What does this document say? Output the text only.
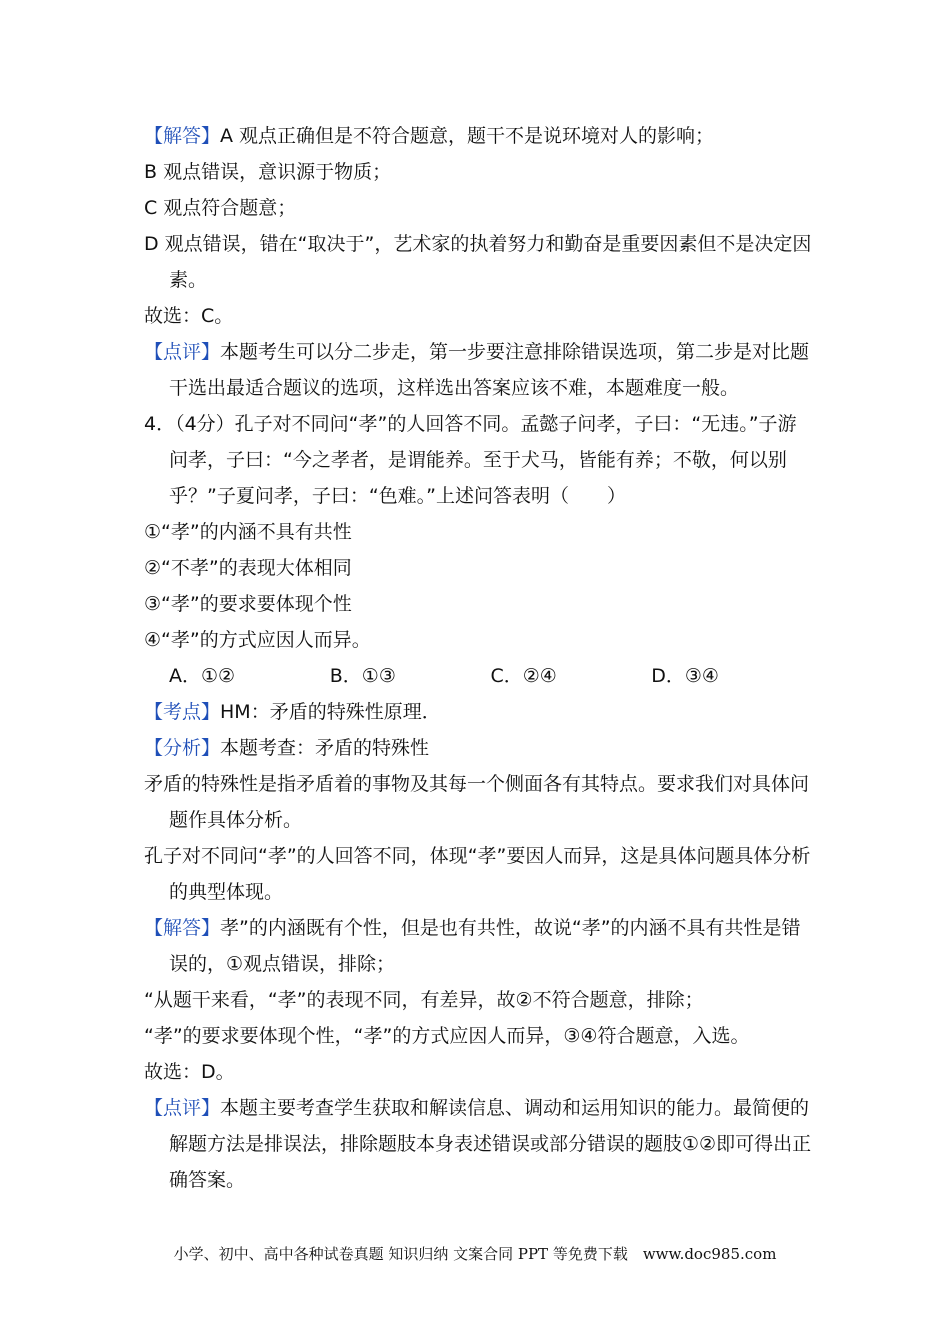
【解答】A 观点正确但是不符合题意，题干不是说环境对人的影响；

B 观点错误，意识源于物质；

C 观点符合题意；

D 观点错误，错在“取决于”，艺术家的执着努力和勤奋是重要因素但不是决定因素。

故选：C。

【点评】本题考生可以分二步走，第一步要注意排除错误选项，第二步是对比题干选出最适合题议的选项，这样选出答案应该不难，本题难度一般。

4．（4分）孔子对不同问“孝”的人回答不同。孟懿子问孝，子曰：“无违。”子游问孝，子曰：“今之孝者，是谓能养。至于犬马，皆能有养；不敬，何以别乎？”子夏问孝，子曰：“色难。”上述问答表明（　　）

①“孝”的内涵不具有共性

②“不孝”的表现大体相同

③“孝”的要求要体现个性

④“孝”的方式应因人而异。

A．①②	B．①③	C．②④	D．③④

【考点】HM：矛盾的特殊性原理．

【分析】本题考查：矛盾的特殊性

矛盾的特殊性是指矛盾着的事物及其每一个侧面各有其特点。要求我们对具体问题作具体分析。

孔子对不同问“孝”的人回答不同，体现“孝”要因人而异，这是具体问题具体分析的典型体现。

【解答】孝”的内涵既有个性，但是也有共性，故说“孝”的内涵不具有共性是错误的，①观点错误，排除；

“从题干来看，“孝”的表现不同，有差异，故②不符合题意，排除；

“孝”的要求要体现个性，“孝”的方式应因人而异，③④符合题意，入选。

故选：D。

【点评】本题主要考查学生获取和解读信息、调动和运用知识的能力。最简便的解题方法是排误法，排除题肢本身表述错误或部分错误的题肢①②即可得出正确答案。

小学、初中、高中各种试卷真题 知识归纳 文案合同 PPT 等免费下载　www.doc985.com
